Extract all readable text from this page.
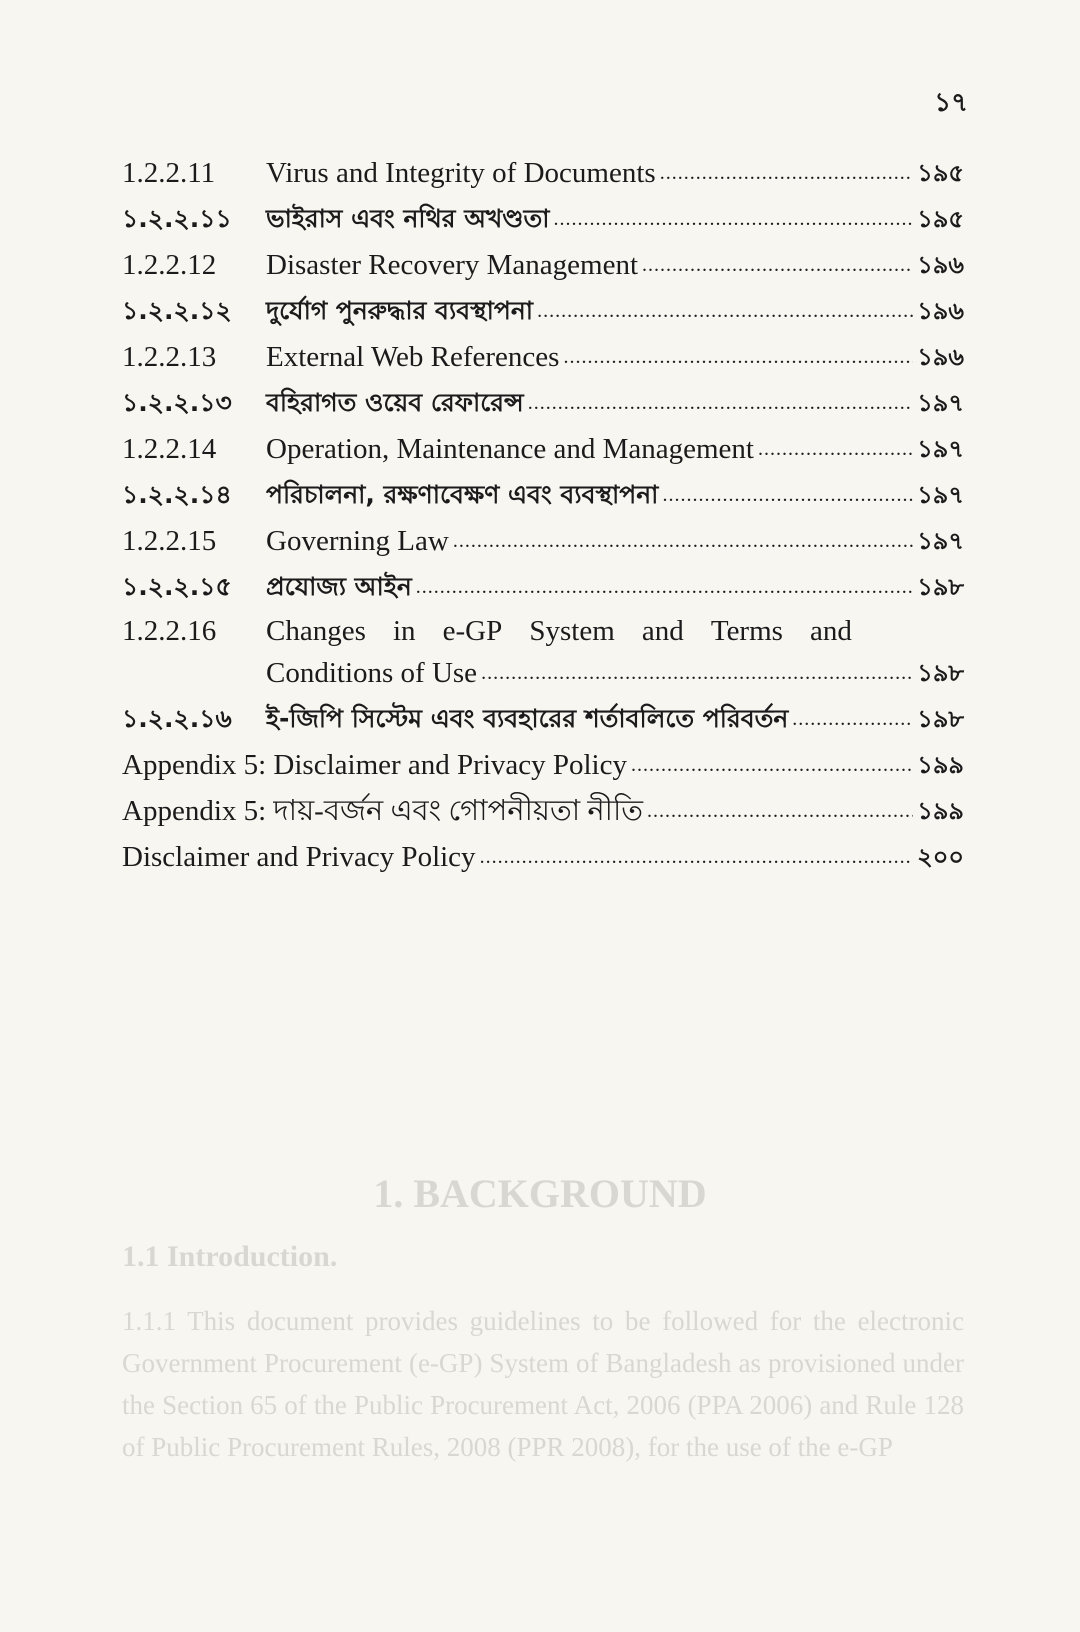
১৭
1.2.2.11	Virus and Integrity of Documents .....	১৯৫
১.২.২.১১	ভাইরাস এবং নথির অখণ্ডতা .....	১৯৫
1.2.2.12	Disaster Recovery Management .....	১৯৬
১.২.২.১২	দুর্যোগ পুনরুদ্ধার ব্যবস্থাপনা .....	১৯৬
1.2.2.13	External Web References .....	১৯৬
১.২.২.১৩	বহিরাগত ওয়েব রেফারেন্স .....	১৯৭
1.2.2.14	Operation, Maintenance and Management .....	১৯৭
১.২.২.১৪	পরিচালনা, রক্ষণাবেক্ষণ এবং ব্যবস্থাপনা .....	১৯৭
1.2.2.15	Governing Law .....	১৯৭
১.২.২.১৫	প্রযোজ্য আইন .....	১৯৮
1.2.2.16	Changes in e-GP System and Terms and
Conditions of Use .....	১৯৮
১.২.২.১৬	ই-জিপি সিস্টেম এবং ব্যবহারের শর্তাবলিতে পরিবর্তন .....	১৯৮
Appendix 5: Disclaimer and Privacy Policy .....	১৯৯
Appendix 5: দায়-বর্জন এবং গোপনীয়তা নীতি .....	১৯৯
Disclaimer and Privacy Policy .....	২০০
1. BACKGROUND
1.1 Introduction.
1.1.1 This document provides guidelines to be followed for the electronic Government Procurement (e-GP) System of Bangladesh as provisioned under the Section 65 of the Public Procurement Act, 2006 (PPA 2006) and Rule 128 of Public Procurement Rules, 2008 (PPR 2008), for the use of the e-GP
